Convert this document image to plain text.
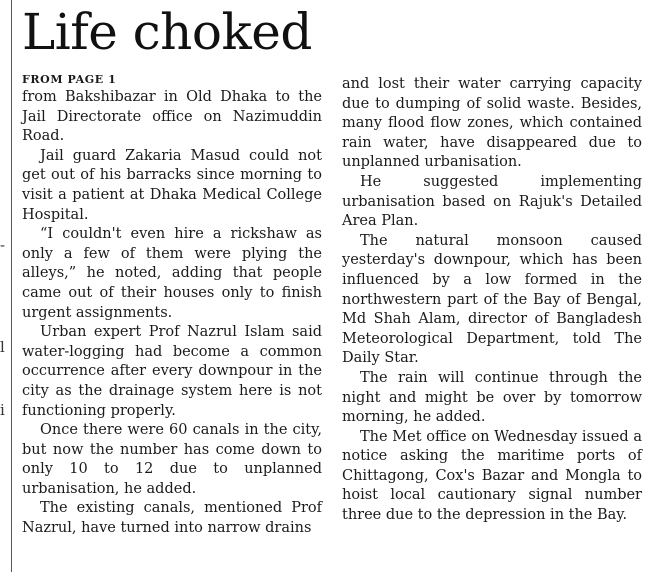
-
l
i
Life choked
FROM PAGE 1

from Bakshibazar in Old Dhaka to the Jail Directorate office on Nazimuddin Road.

Jail guard Zakaria Masud could not get out of his barracks since morning to visit a patient at Dhaka Medical College Hospital.

“I couldn't even hire a rickshaw as only a few of them were plying the alleys,” he noted, adding that people came out of their houses only to finish urgent assignments.

Urban expert Prof Nazrul Islam said water-logging had become a common occurrence after every downpour in the city as the drainage system here is not functioning properly.

Once there were 60 canals in the city, but now the number has come down to only 10 to 12 due to unplanned urbanisation, he added.

The existing canals, mentioned Prof Nazrul, have turned into narrow drains

and lost their water carrying capacity due to dumping of solid waste. Besides, many flood flow zones, which contained rain water, have disappeared due to unplanned urbanisation.

He suggested implementing urbanisation based on Rajuk's Detailed Area Plan.

The natural monsoon caused yesterday's downpour, which has been influenced by a low formed in the northwestern part of the Bay of Bengal, Md Shah Alam, director of Bangladesh Meteorological Department, told The Daily Star.

The rain will continue through the night and might be over by tomorrow morning, he added.

The Met office on Wednesday issued a notice asking the maritime ports of Chittagong, Cox's Bazar and Mongla to hoist local cautionary signal number three due to the depression in the Bay.
